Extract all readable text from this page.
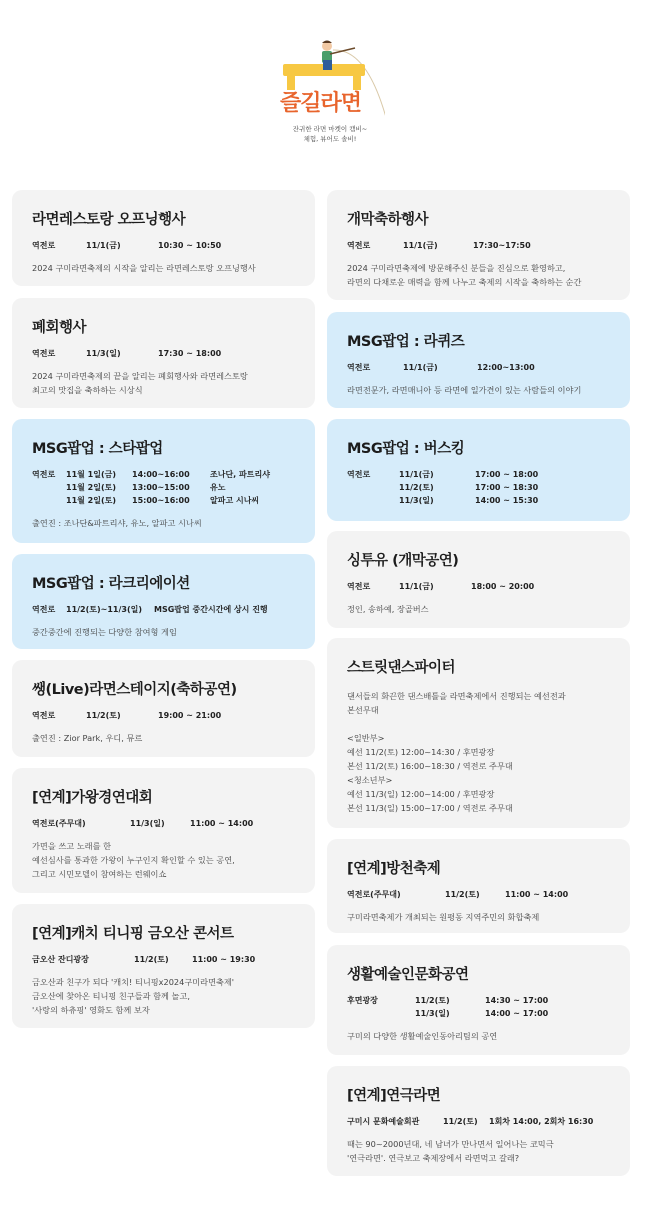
즐길라면
잔귀한 라면 마켓이 캠비~
체험, 뷰어도 솔비!
라면레스토랑 오프닝행사
역전로	11/1(금)	10:30 ~ 10:50
2024 구미라면축제의 시작을 알리는 라면레스토랑 오프닝행사
폐회행사
역전로	11/3(일)	17:30 ~ 18:00
2024 구미라면축제의 끝을 알리는 폐회행사와 라면레스토랑
최고의 맛집을 축하하는 시상식
MSG팝업 : 스타팝업
역전로	11월 1일(금)	14:00~16:00	조나단, 파트리샤
11월 2일(토)	13:00~15:00	유노
11월 2일(토)	15:00~16:00	알파고 시나씨
출연진 : 조나단&파트리샤, 유노, 알파고 시나씨
MSG팝업 : 라크리에이션
역전로	11/2(토)~11/3(일)	MSG팝업 중간시간에 상시 진행
중간중간에 진행되는 다양한 참여형 게임
쌩(Live)라면스테이지(축하공연)
역전로	11/2(토)	19:00 ~ 21:00
출연진 : Zior Park, 우디, 뮤르
[연계]가왕경연대회
역전로(주무대)	11/3(일)	11:00 ~ 14:00
가면을 쓰고 노래를 한
예선심사를 통과한 가왕이 누구인지 확인할 수 있는 공연,
그리고 시민모델이 참여하는 런웨이쇼
[연계]캐치 티니핑 금오산 콘서트
금오산 잔디광장	11/2(토)	11:00 ~ 19:30
금오산과 친구가 되다 '캐치! 티니핑x2024구미라면축제'
금오산에 찾아온 티니핑 친구들과 함께 놀고,
'사랑의 하츄핑' 영화도 함께 보자
개막축하행사
역전로	11/1(금)	17:30~17:50
2024 구미라면축제에 방문해주신 분들을 진심으로 환영하고,
라면의 다채로운 매력을 함께 나누고 축제의 시작을 축하하는 순간
MSG팝업 : 라퀴즈
역전로	11/1(금)	12:00~13:00
라면전문가, 라면매니아 등 라면에 일가견이 있는 사람들의 이야기
MSG팝업 : 버스킹
역전로	11/1(금)	17:00 ~ 18:00
11/2(토)	17:00 ~ 18:30
11/3(일)	14:00 ~ 15:30
싱투유 (개막공연)
역전로	11/1(금)	18:00 ~ 20:00
정인, 송하예, 장골버스
스트릿댄스파이터
댄서들의 화끈한 댄스배틀을 라면축제에서 진행되는 예선전과
본선무대
<일반부>
예선 11/2(토) 12:00~14:30 / 후면광장
본선 11/2(토) 16:00~18:30 / 역전로 주무대
<청소년부>
예선 11/3(일) 12:00~14:00 / 후면광장
본선 11/3(일) 15:00~17:00 / 역전로 주무대
[연계]방천축제
역전로(주무대)	11/2(토)	11:00 ~ 14:00
구미라면축제가 개최되는 원평동 지역주민의 화합축제
생활예술인문화공연
후면광장	11/2(토)	14:30 ~ 17:00
11/3(일)	14:00 ~ 17:00
구미의 다양한 생활예술인동아리팀의 공연
[연계]연극라면
구미시 문화예술회관	11/2(토)	1회차 14:00, 2회차 16:30
때는 90~2000년대, 네 남녀가 만나면서 일어나는 코믹극
'연극라면'. 연극보고 축제장에서 라면먹고 갈래?
